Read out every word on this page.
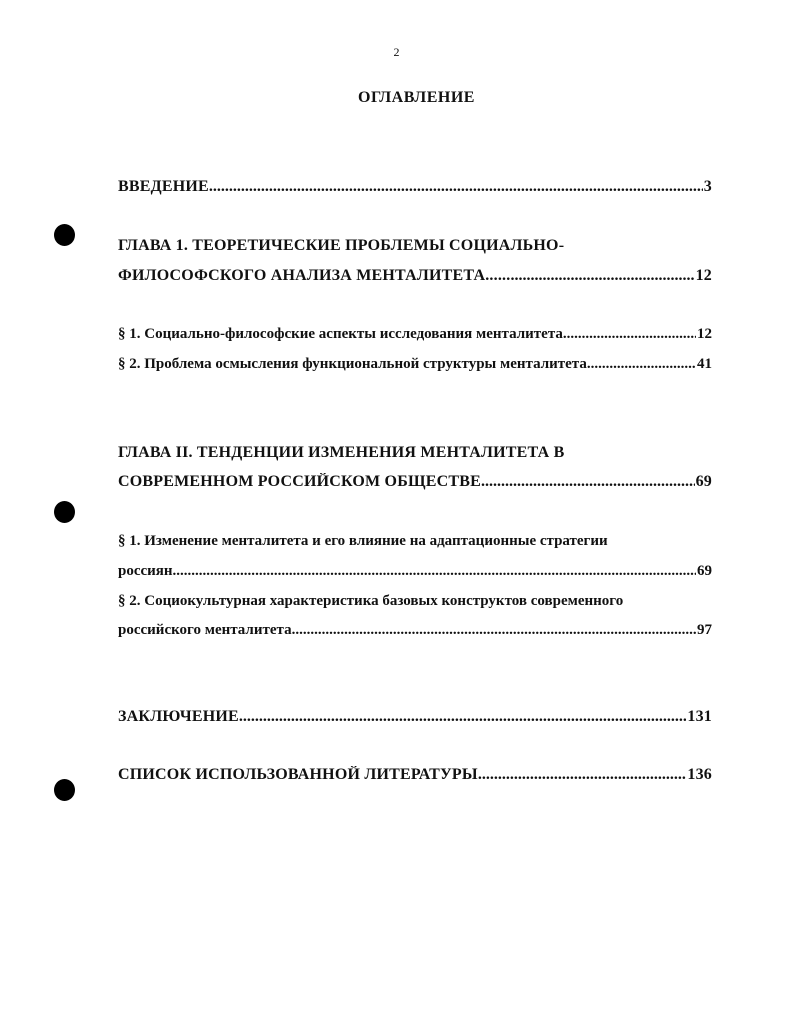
2
ОГЛАВЛЕНИЕ
ВВЕДЕНИЕ .....	3
ГЛАВА 1. ТЕОРЕТИЧЕСКИЕ ПРОБЛЕМЫ СОЦИАЛЬНО-
ФИЛОСОФСКОГО АНАЛИЗА МЕНТАЛИТЕТА...... .....	12
§ 1. Социально-философские аспекты исследования менталитета... .....	12
§ 2. Проблема осмысления функциональной структуры менталитета .....	41
ГЛАВА II. ТЕНДЕНЦИИ ИЗМЕНЕНИЯ МЕНТАЛИТЕТА В
СОВРЕМЕННОМ РОССИЙСКОМ ОБЩЕСТВЕ .....	69
§ 1. Изменение менталитета и его влияние на адаптационные стратегии
россиян...................... .....	69
§ 2. Социокультурная характеристика базовых конструктов современного
российского менталитета .....	97
ЗАКЛЮЧЕНИЕ .....	131
СПИСОК ИСПОЛЬЗОВАННОЙ ЛИТЕРАТУРЫ .....	136
